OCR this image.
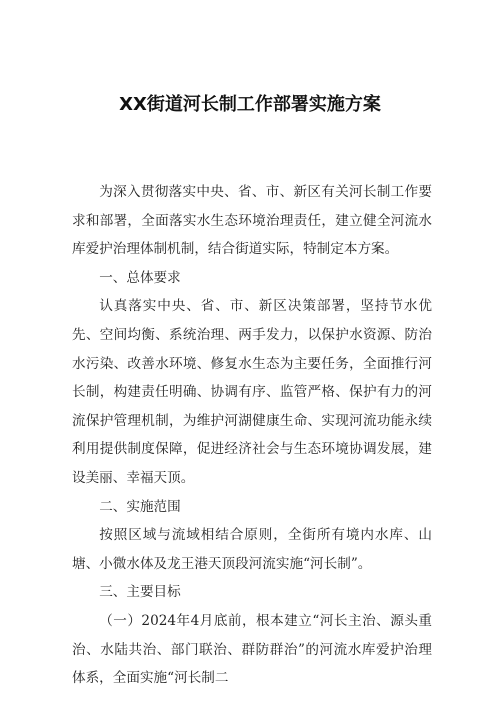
XX街道河长制工作部署实施方案

为深入贯彻落实中央、省、市、新区有关河长制工作要求和部署，全面落实水生态环境治理责任，建立健全河流水库爱护治理体制机制，结合街道实际，特制定本方案。

一、总体要求

认真落实中央、省、市、新区决策部署，坚持节水优先、空间均衡、系统治理、两手发力，以保护水资源、防治水污染、改善水环境、修复水生态为主要任务，全面推行河长制，构建责任明确、协调有序、监管严格、保护有力的河流保护管理机制，为维护河湖健康生命、实现河流功能永续利用提供制度保障，促进经济社会与生态环境协调发展，建设美丽、幸福天顶。

二、实施范围

按照区域与流域相结合原则，全街所有境内水库、山塘、小微水体及龙王港天顶段河流实施“河长制”。

三、主要目标

（一）2024年4月底前，根本建立“河长主治、源头重治、水陆共治、部门联治、群防群治”的河流水库爱护治理体系，全面实施“河长制二
